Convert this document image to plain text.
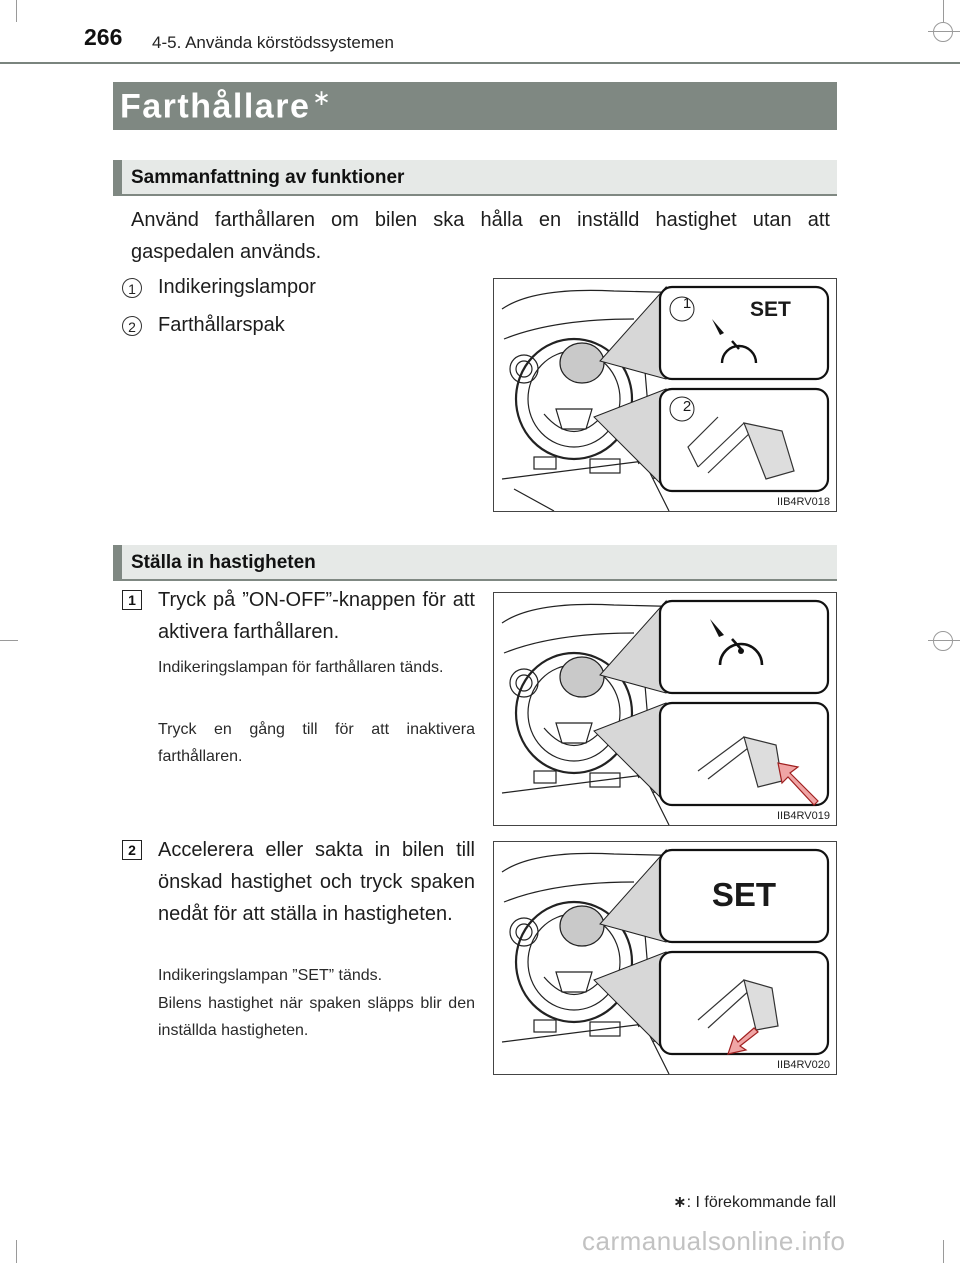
266 4-5. Använda körstödssystemen
Farthållare∗
Sammanfattning av funktioner
Använd farthållaren om bilen ska hålla en inställd hastighet utan att gaspedalen används.
1	Indikeringslampor
2	Farthållarspak
1	SET
2
IIB4RV018
Ställa in hastigheten
1	Tryck på ”ON-OFF”-knappen för att aktivera farthållaren.
Indikeringslampan för farthållaren tänds.
Tryck en gång till för att inaktivera farthållaren.
IIB4RV019
2	Accelerera eller sakta in bilen till önskad hastighet och tryck spaken nedåt för att ställa in hastigheten.
Indikeringslampan ”SET” tänds.
Bilens hastighet när spaken släpps blir den inställda hastigheten.
SET
IIB4RV020
∗: I förekommande fall
carmanualsonline.info
